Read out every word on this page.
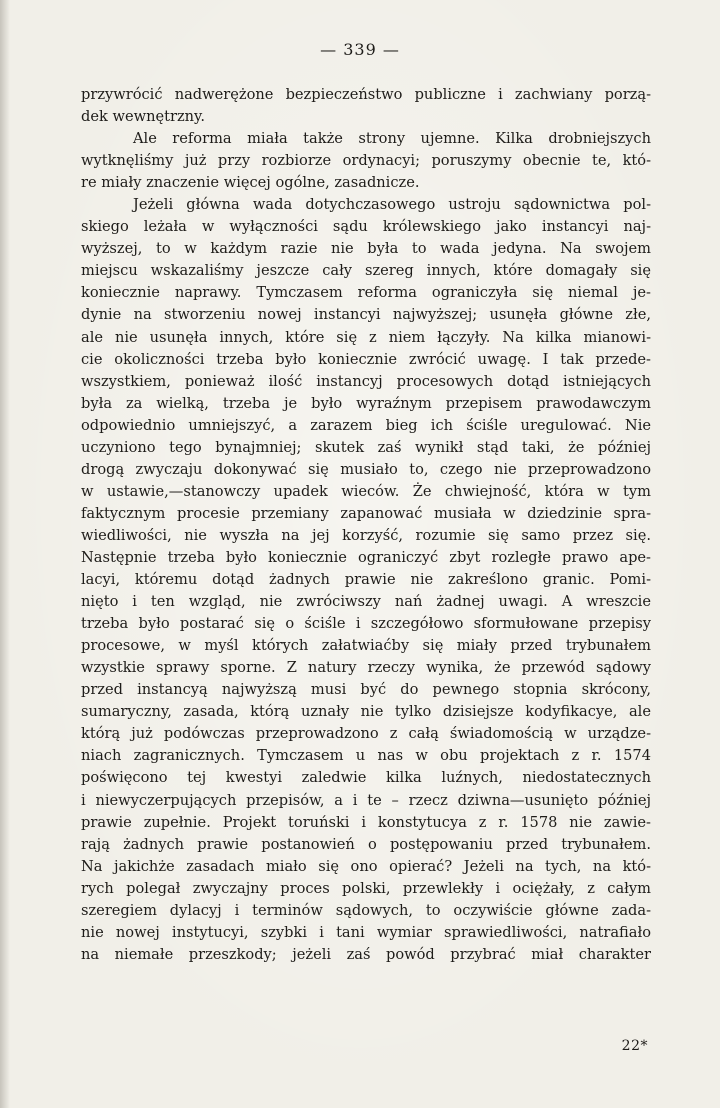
— 339 —
przywrócić nadwerężone bezpieczeństwo publiczne i zachwiany porzą-
dek wewnętrzny.
Ale reforma miała także strony ujemne. Kilka drobniejszych
wytknęliśmy już przy rozbiorze ordynacyi; poruszymy obecnie te, któ-
re miały znaczenie więcej ogólne, zasadnicze.
Jeżeli główna wada dotychczasowego ustroju sądownictwa pol-
skiego leżała w wyłączności sądu królewskiego jako instancyi naj-
wyższej, to w każdym razie nie była to wada jedyna. Na swojem
miejscu wskazaliśmy jeszcze cały szereg innych, które domagały się
koniecznie naprawy. Tymczasem reforma ograniczyła się niemal je-
dynie na stworzeniu nowej instancyi najwyższej; usunęła główne złe,
ale nie usunęła innych, które się z niem łączyły. Na kilka mianowi-
cie okoliczności trzeba było koniecznie zwrócić uwagę. I tak przede-
wszystkiem, ponieważ ilość instancyj procesowych dotąd istniejących
była za wielką, trzeba je było wyraźnym przepisem prawodawczym
odpowiednio umniejszyć, a zarazem bieg ich ściśle uregulować. Nie
uczyniono tego bynajmniej; skutek zaś wynikł stąd taki, że później
drogą zwyczaju dokonywać się musiało to, czego nie przeprowadzono
w ustawie,—stanowczy upadek wieców. Że chwiejność, która w tym
faktycznym procesie przemiany zapanować musiała w dziedzinie spra-
wiedliwości, nie wyszła na jej korzyść, rozumie się samo przez się.
Następnie trzeba było koniecznie ograniczyć zbyt rozległe prawo ape-
lacyi, któremu dotąd żadnych prawie nie zakreślono granic. Pomi-
nięto i ten wzgląd, nie zwróciwszy nań żadnej uwagi. A wreszcie
trzeba było postarać się o ściśle i szczegółowo sformułowane przepisy
procesowe, w myśl których załatwiaćby się miały przed trybunałem
wzystkie sprawy sporne. Z natury rzeczy wynika, że przewód sądowy
przed instancyą najwyższą musi być do pewnego stopnia skrócony,
sumaryczny, zasada, którą uznały nie tylko dzisiejsze kodyfikacye, ale
którą już podówczas przeprowadzono z całą świadomością w urządze-
niach zagranicznych. Tymczasem u nas w obu projektach z r. 1574
poświęcono tej kwestyi zaledwie kilka luźnych, niedostatecznych
i niewyczerpujących przepisów, a i te – rzecz dziwna—usunięto później
prawie zupełnie. Projekt toruński i konstytucya z r. 1578 nie zawie-
rają żadnych prawie postanowień o postępowaniu przed trybunałem.
Na jakichże zasadach miało się ono opierać? Jeżeli na tych, na któ-
rych polegał zwyczajny proces polski, przewlekły i ociężały, z całym
szeregiem dylacyj i terminów sądowych, to oczywiście główne zada-
nie nowej instytucyi, szybki i tani wymiar sprawiedliwości, natrafiało
na niemałe przeszkody; jeżeli zaś powód przybrać miał charakter
22*
